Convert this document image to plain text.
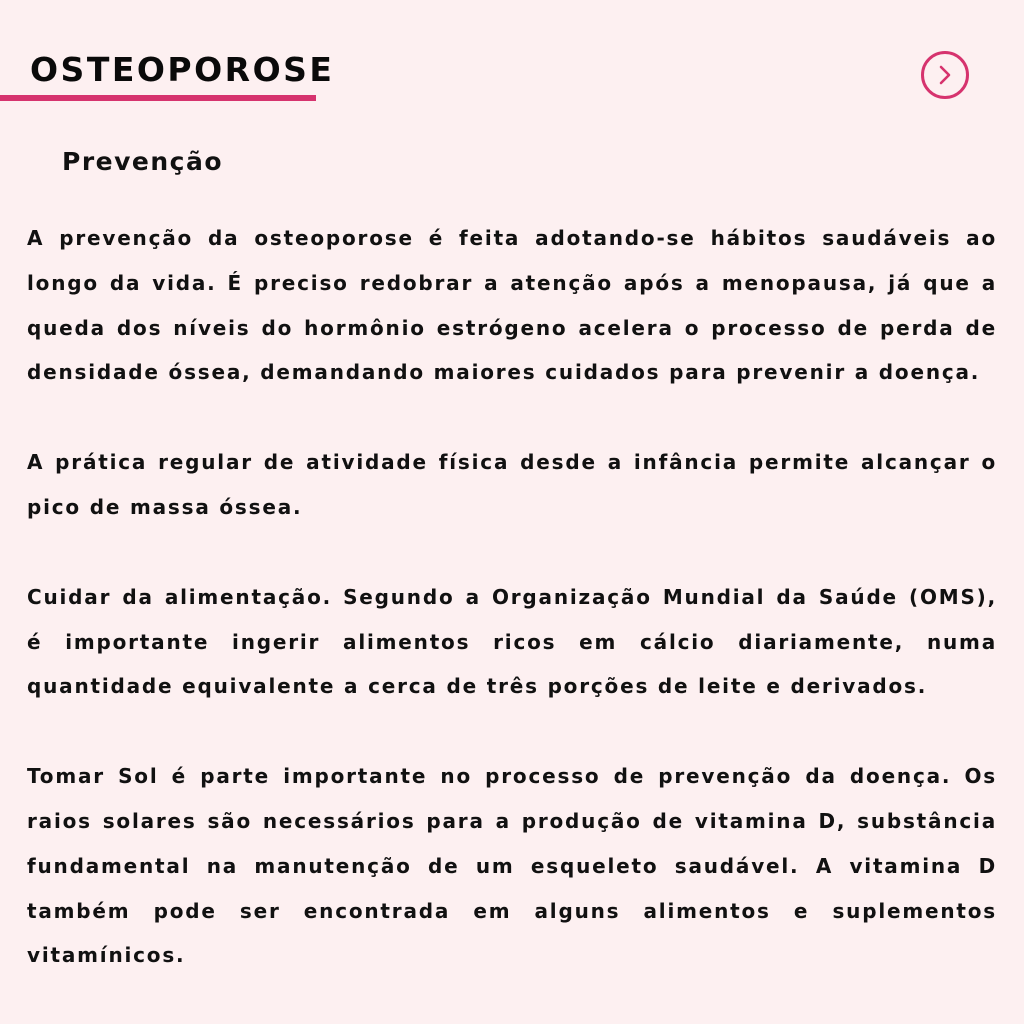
OSTEOPOROSE
Prevenção

A prevenção da osteoporose é feita adotando-se hábitos saudáveis ao longo da vida. É preciso redobrar a atenção após a menopausa, já que a queda dos níveis do hormônio estrógeno acelera o processo de perda de densidade óssea, demandando maiores cuidados para prevenir a doença.

A prática regular de atividade física desde a infância permite alcançar o pico de massa óssea.

Cuidar da alimentação. Segundo a Organização Mundial da Saúde (OMS), é importante ingerir alimentos ricos em cálcio diariamente, numa quantidade equivalente a cerca de três porções de leite e derivados.

Tomar Sol é parte importante no processo de prevenção da doença. Os raios solares são necessários para a produção de vitamina D, substância fundamental na manutenção de um esqueleto saudável. A vitamina D também pode ser encontrada em alguns alimentos e suplementos vitamínicos.
